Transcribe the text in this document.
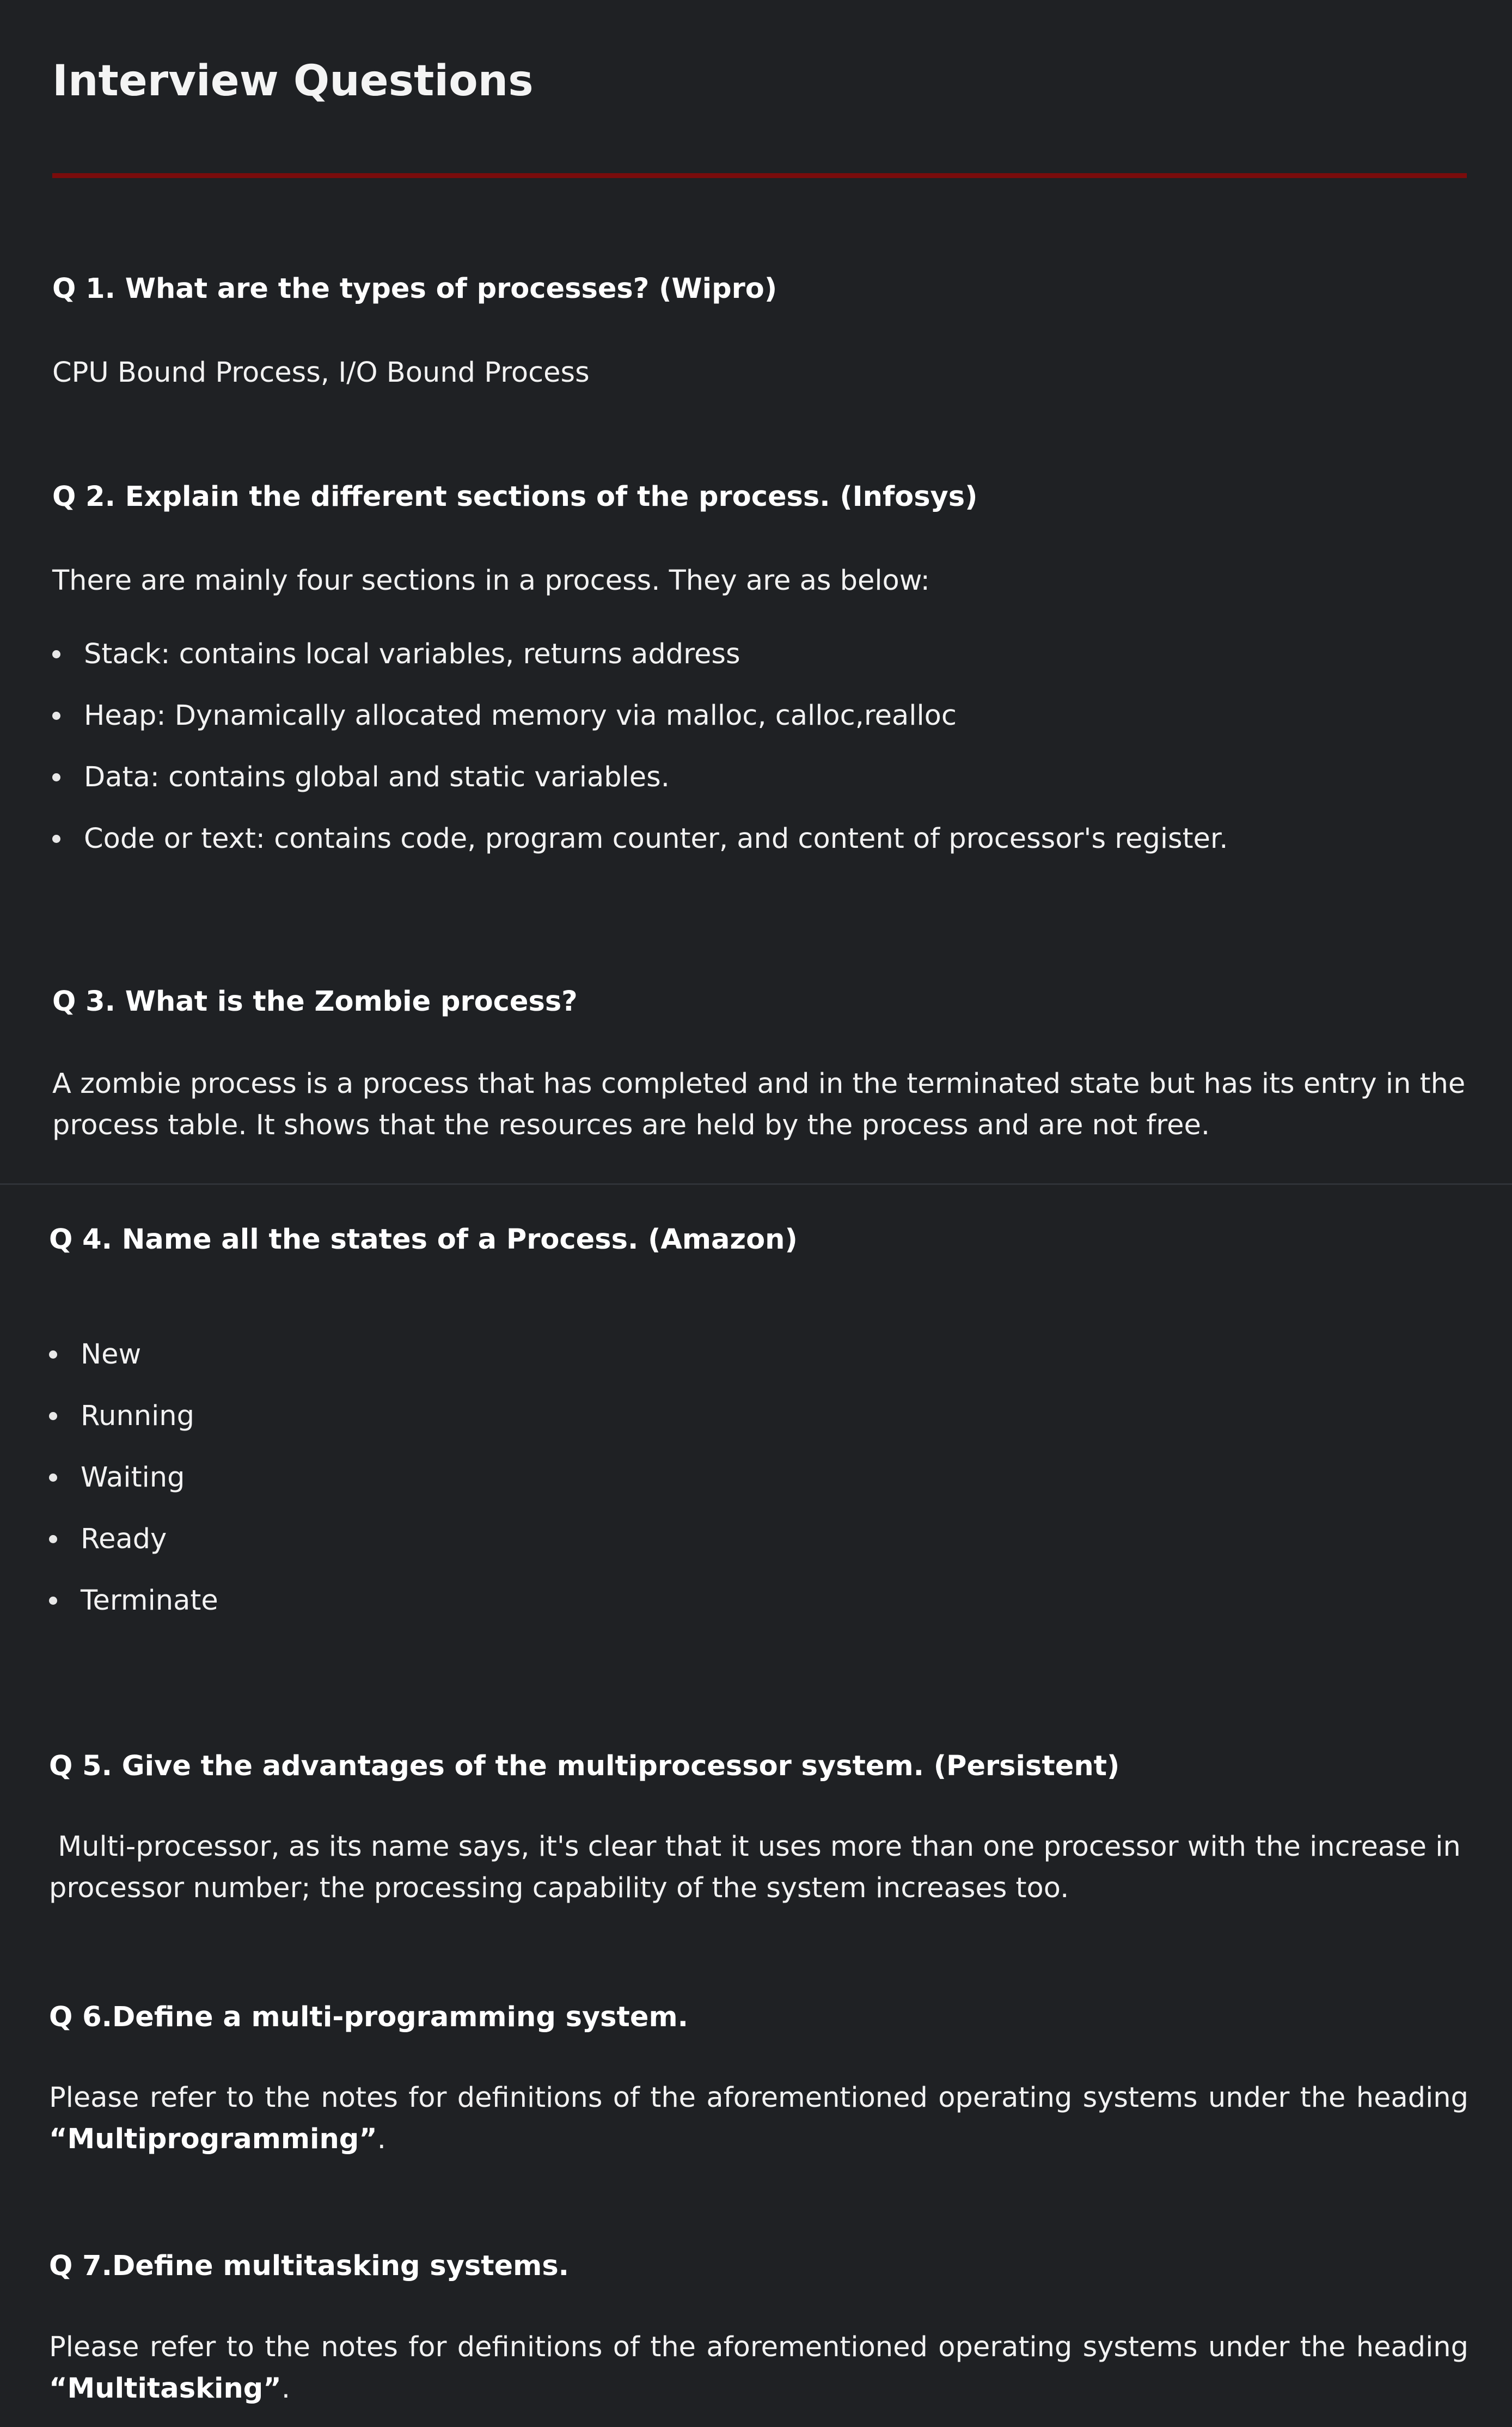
Interview Questions
Q 1. What are the types of processes? (Wipro)
CPU Bound Process, I/O Bound Process
Q 2. Explain the different sections of the process. (Infosys)
There are mainly four sections in a process. They are as below:
Stack: contains local variables, returns address
Heap: Dynamically allocated memory via malloc, calloc,realloc
Data: contains global and static variables.
Code or text: contains code, program counter, and content of processor's register.
Q 3. What is the Zombie process?
A zombie process is a process that has completed and in the terminated state but has its entry in the process table. It shows that the resources are held by the process and are not free.
Q 4. Name all the states of a Process. (Amazon)
New
Running
Waiting
Ready
Terminate
Q 5. Give the advantages of the multiprocessor system. (Persistent)
Multi-processor, as its name says, it's clear that it uses more than one processor with the increase in processor number; the processing capability of the system increases too.
Q 6.Define a multi-programming system.
Please refer to the notes for definitions of the aforementioned operating systems under the heading “Multiprogramming”.
Q 7.Define multitasking systems.
Please refer to the notes for definitions of the aforementioned operating systems under the heading “Multitasking”.
